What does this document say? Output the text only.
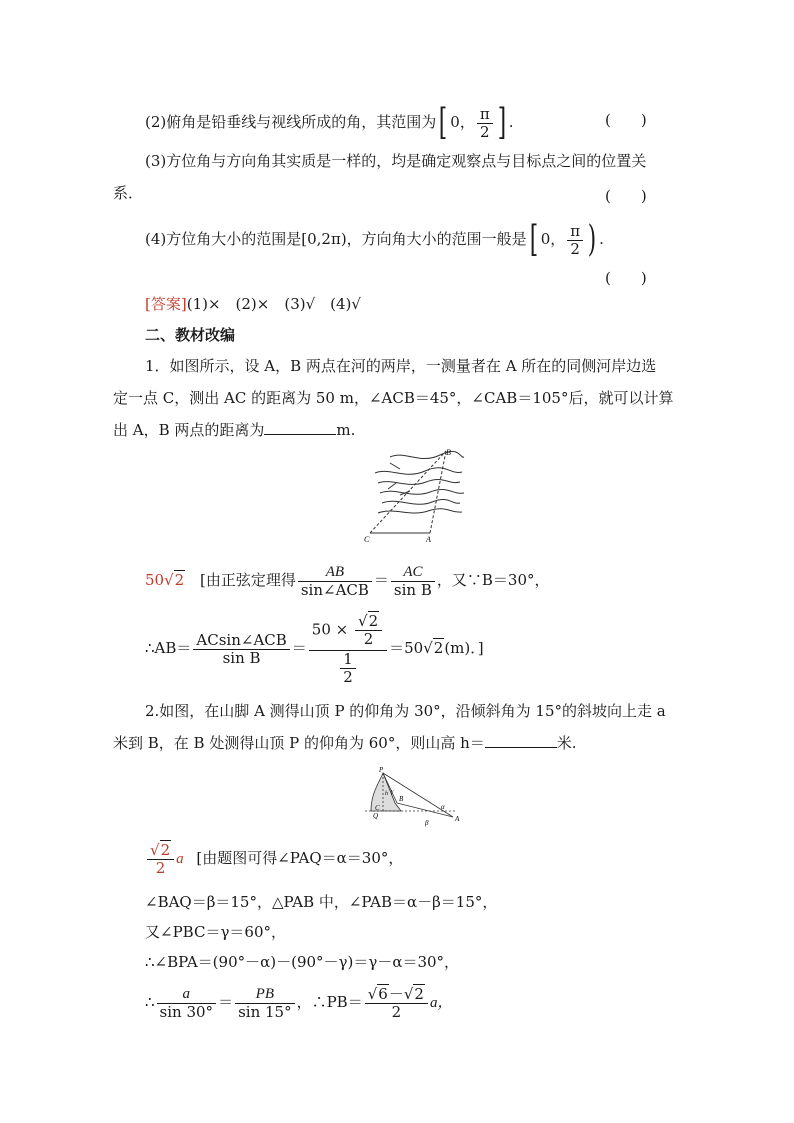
(2)俯角是铅垂线与视线所成的角，其范围为[ 0， $\frac{\pi}{2}$ ] .	(　　)
(3)方位角与方向角其实质是一样的，均是确定观察点与目标点之间的位置关
系．	(　　)
(4)方位角大小的范围是[0,2π)，方向角大小的范围一般是[ 0， $\frac{\pi}{2}$ ) .
(　　)
[答案](1)×　(2)×　(3)√　(4)√
二、教材改编
1．如图所示，设 A，B 两点在河的两岸，一测量者在 A 所在的同侧河岸边选
定一点 C，测出 AC 的距离为 50 m，∠ACB＝45°，∠CAB＝105°后，就可以计算
出 A，B 两点的距离为	m.
B
C	A
50√2 [由正弦定理得 $\frac{AB}{\text{sin∠ACB}} = \frac{AC}{\text{sin B}}$ ，又∵B＝30°，
∴AB＝ $\frac{\text{ACsin∠ACB}}{\text{sin B}} = \frac{50 \times \frac{√2}{2}}{\frac{1}{2}} =50√2(m)$．]
2.如图，在山脚 A 测得山顶 P 的仰角为 30°，沿倾斜角为 15°的斜坡向上走 a
米到 B，在 B 处测得山顶 P 的仰角为 60°，则山高 h＝	米.
P
B
C
Q
β
α
γ
A
h
$\frac{√2}{2}$ a [由题图可得∠PAQ＝α＝30°，
∠BAQ＝β＝15°，△PAB 中，∠PAB＝α－β＝15°，
又∠PBC＝γ＝60°，
∴∠BPA＝(90°－α)－(90°－γ)＝γ－α＝30°，
∴ $\frac{a}{\sin 30^\circ} = \frac{PB}{\sin 15^\circ}$ ，∴PB＝ $\frac{√6-√2}{2}$ a，
